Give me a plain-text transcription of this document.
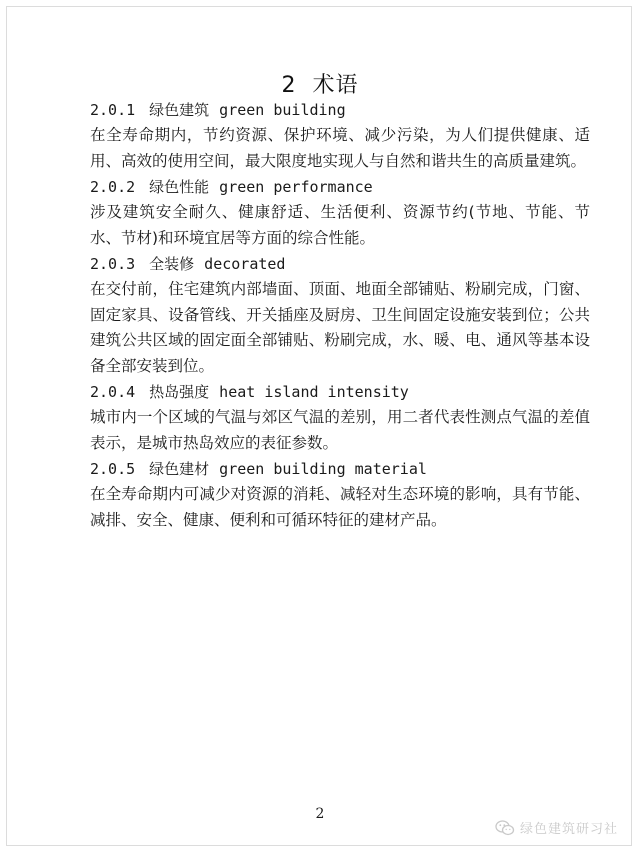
2 术语
2.0.1 绿色建筑 green building

在全寿命期内，节约资源、保护环境、减少污染，为人们提供健康、适用、高效的使用空间，最大限度地实现人与自然和谐共生的高质量建筑。

2.0.2 绿色性能 green performance

涉及建筑安全耐久、健康舒适、生活便利、资源节约(节地、节能、节水、节材)和环境宜居等方面的综合性能。

2.0.3 全装修 decorated

在交付前，住宅建筑内部墙面、顶面、地面全部铺贴、粉刷完成，门窗、固定家具、设备管线、开关插座及厨房、卫生间固定设施安装到位；公共建筑公共区域的固定面全部铺贴、粉刷完成，水、暖、电、通风等基本设备全部安装到位。

2.0.4 热岛强度 heat island intensity

城市内一个区域的气温与郊区气温的差别，用二者代表性测点气温的差值表示，是城市热岛效应的表征参数。

2.0.5 绿色建材 green building material

在全寿命期内可减少对资源的消耗、减轻对生态环境的影响，具有节能、减排、安全、健康、便利和可循环特征的建材产品。

2
绿色建筑研习社
